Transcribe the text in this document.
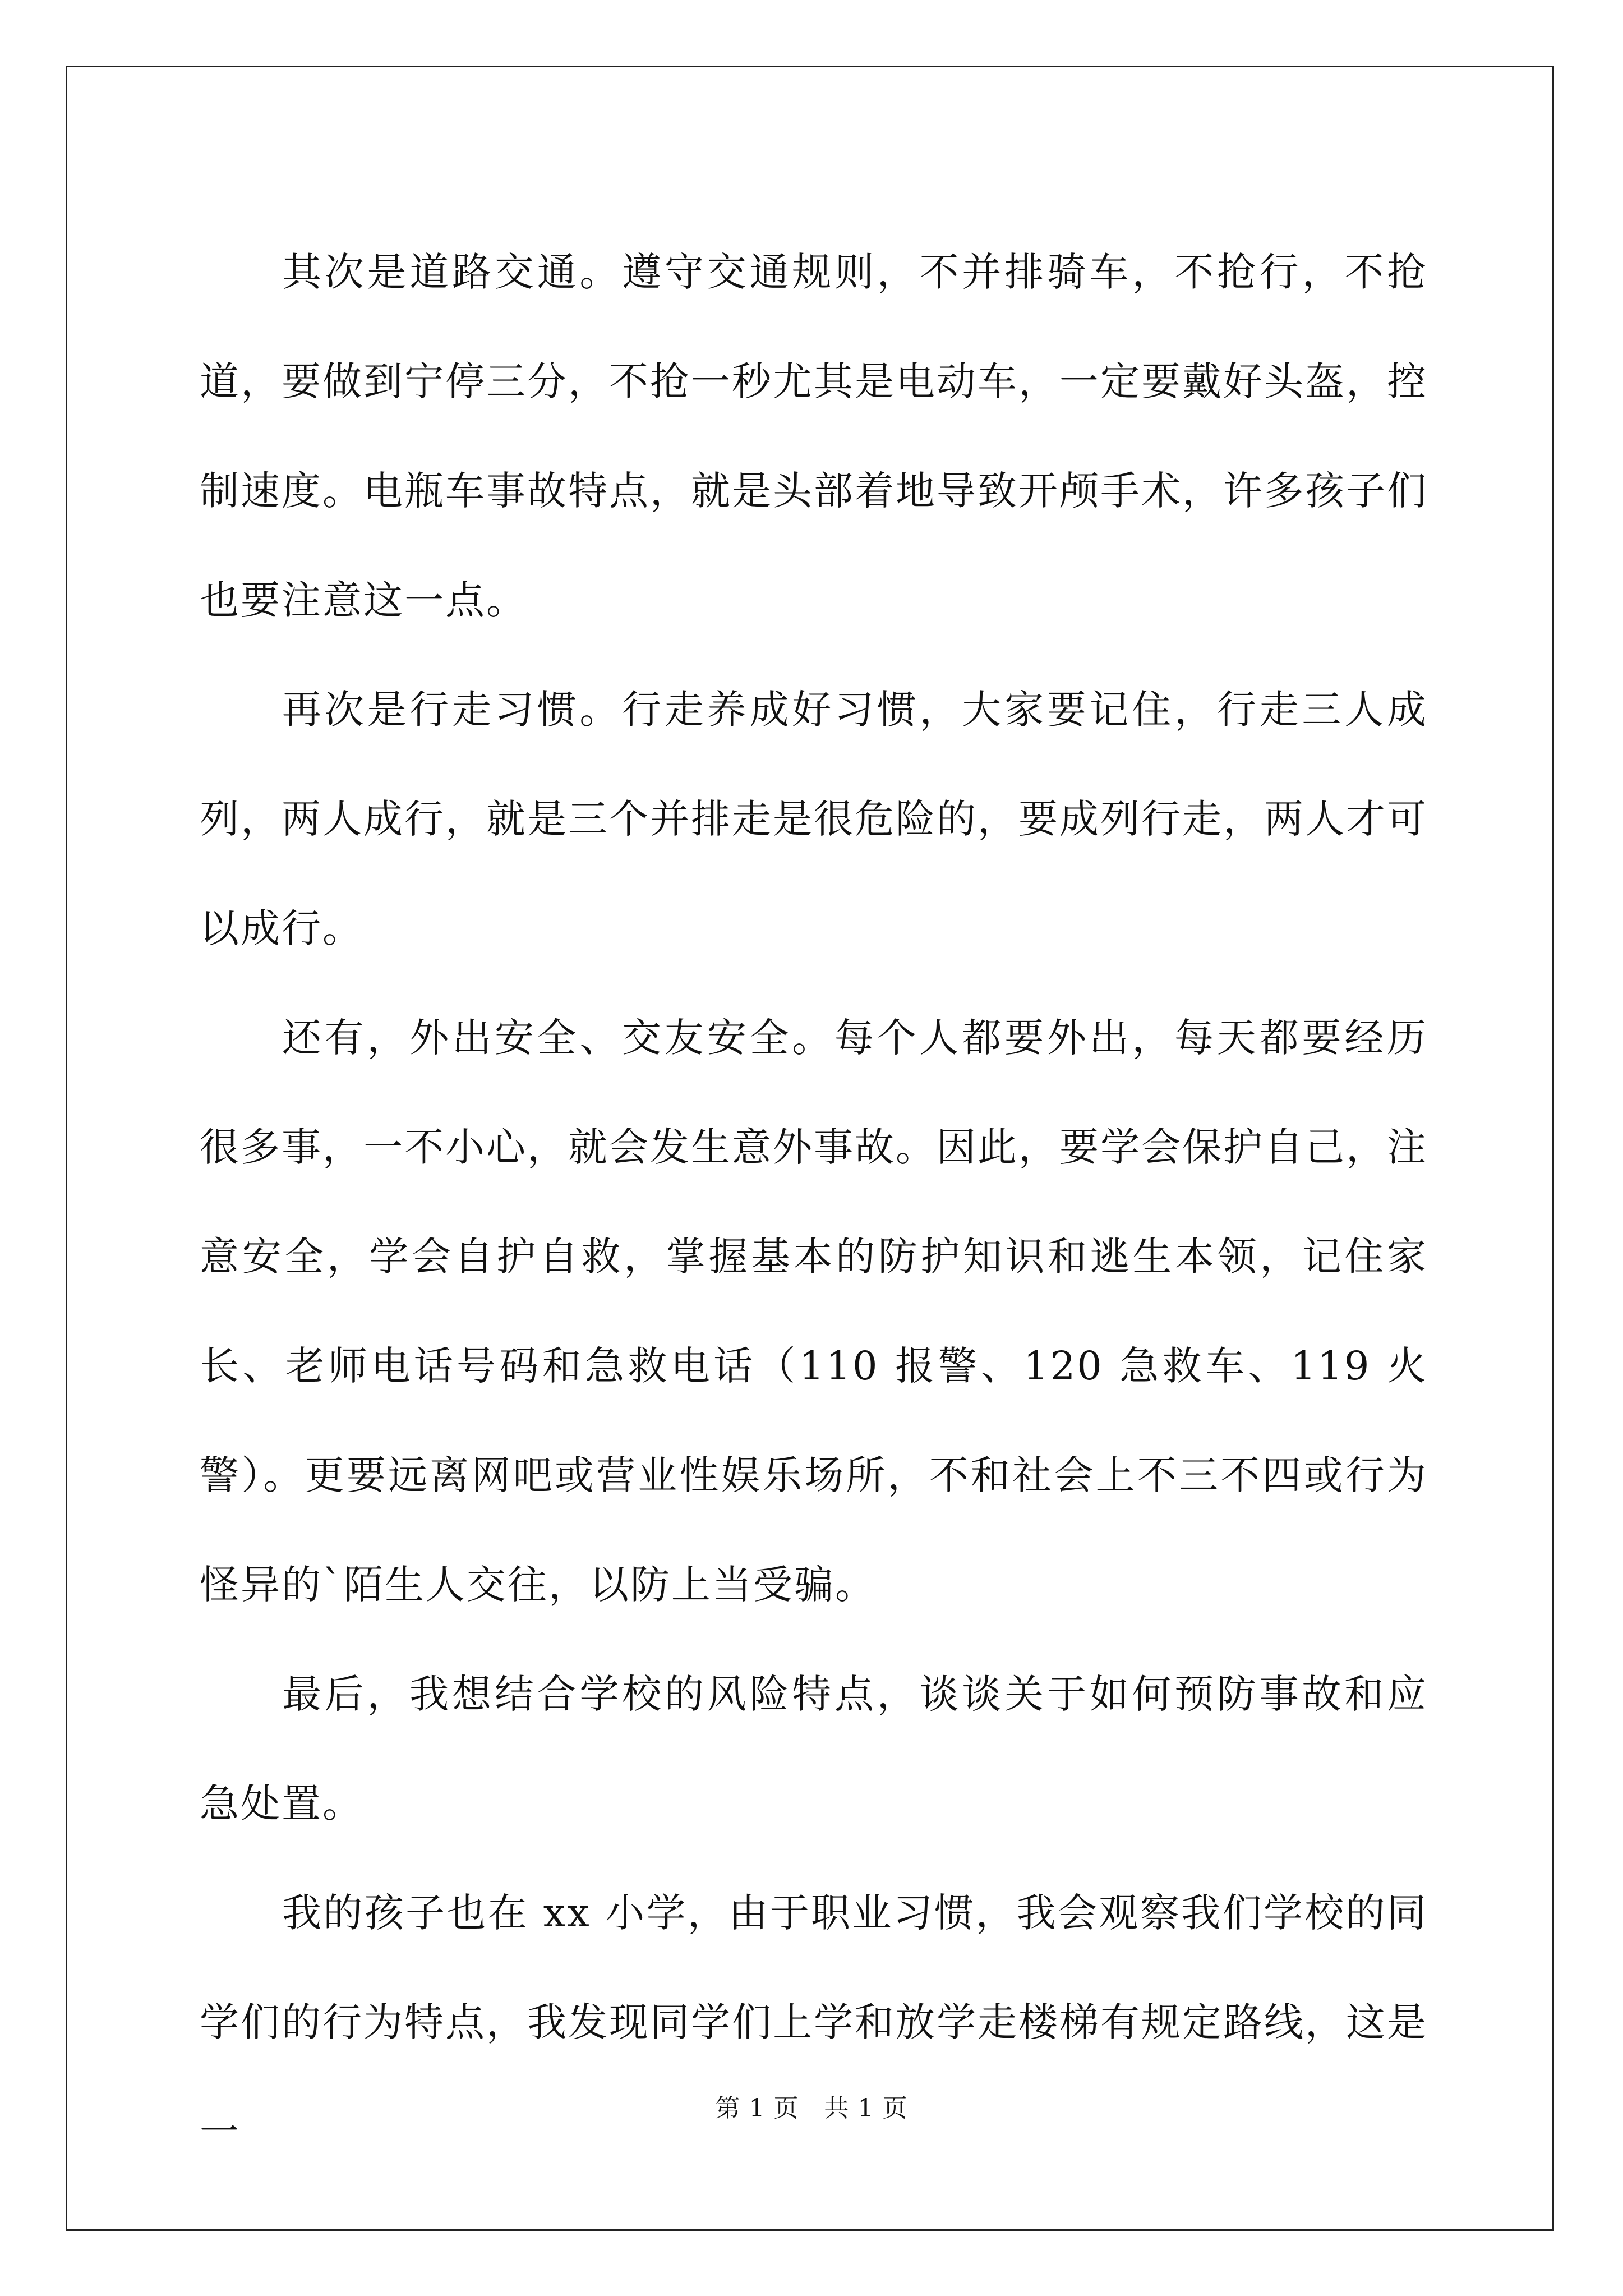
其次是道路交通。遵守交通规则，不并排骑车，不抢行，不抢道，要做到宁停三分，不抢一秒尤其是电动车，一定要戴好头盔，控制速度。电瓶车事故特点，就是头部着地导致开颅手术，许多孩子们也要注意这一点。

再次是行走习惯。行走养成好习惯，大家要记住，行走三人成列，两人成行，就是三个并排走是很危险的，要成列行走，两人才可以成行。

还有，外出安全、交友安全。每个人都要外出，每天都要经历很多事，一不小心，就会发生意外事故。因此，要学会保护自己，注意安全，学会自护自救，掌握基本的防护知识和逃生本领，记住家长、老师电话号码和急救电话（110 报警、120 急救车、119 火警）。更要远离网吧或营业性娱乐场所，不和社会上不三不四或行为怪异的`陌生人交往，以防上当受骗。

最后，我想结合学校的风险特点，谈谈关于如何预防事故和应急处置。

我的孩子也在 xx 小学，由于职业习惯，我会观察我们学校的同学们的行为特点，我发现同学们上学和放学走楼梯有规定路线，这是一

第 1 页　共 1 页
